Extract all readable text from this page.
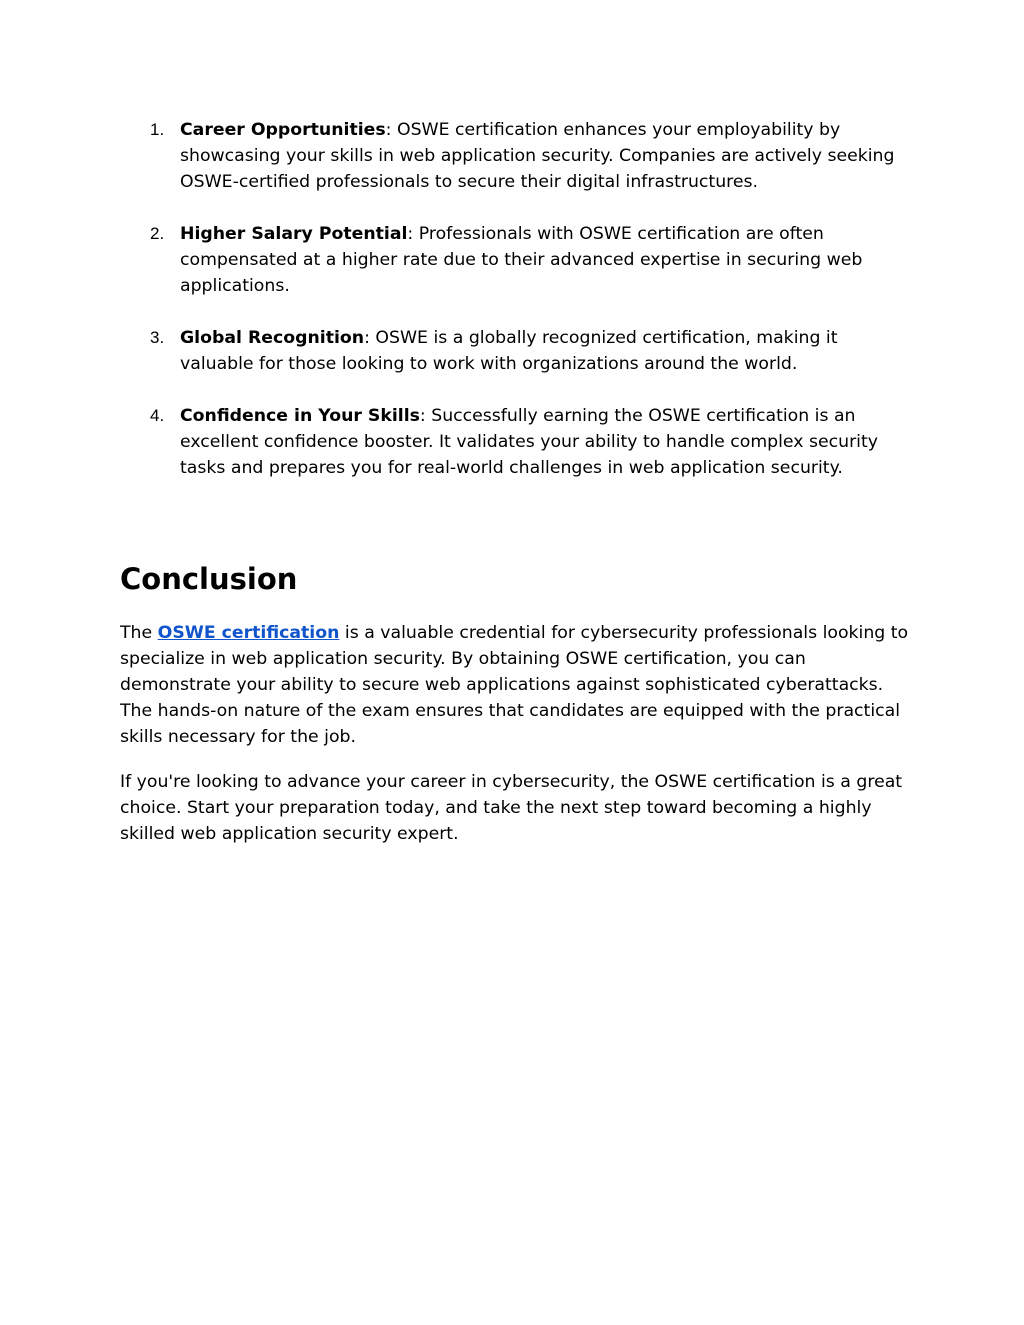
1. Career Opportunities: OSWE certification enhances your employability by showcasing your skills in web application security. Companies are actively seeking OSWE-certified professionals to secure their digital infrastructures.
2. Higher Salary Potential: Professionals with OSWE certification are often compensated at a higher rate due to their advanced expertise in securing web applications.
3. Global Recognition: OSWE is a globally recognized certification, making it valuable for those looking to work with organizations around the world.
4. Confidence in Your Skills: Successfully earning the OSWE certification is an excellent confidence booster. It validates your ability to handle complex security tasks and prepares you for real-world challenges in web application security.
Conclusion

The OSWE certification is a valuable credential for cybersecurity professionals looking to specialize in web application security. By obtaining OSWE certification, you can demonstrate your ability to secure web applications against sophisticated cyberattacks. The hands-on nature of the exam ensures that candidates are equipped with the practical skills necessary for the job.

If you're looking to advance your career in cybersecurity, the OSWE certification is a great choice. Start your preparation today, and take the next step toward becoming a highly skilled web application security expert.
